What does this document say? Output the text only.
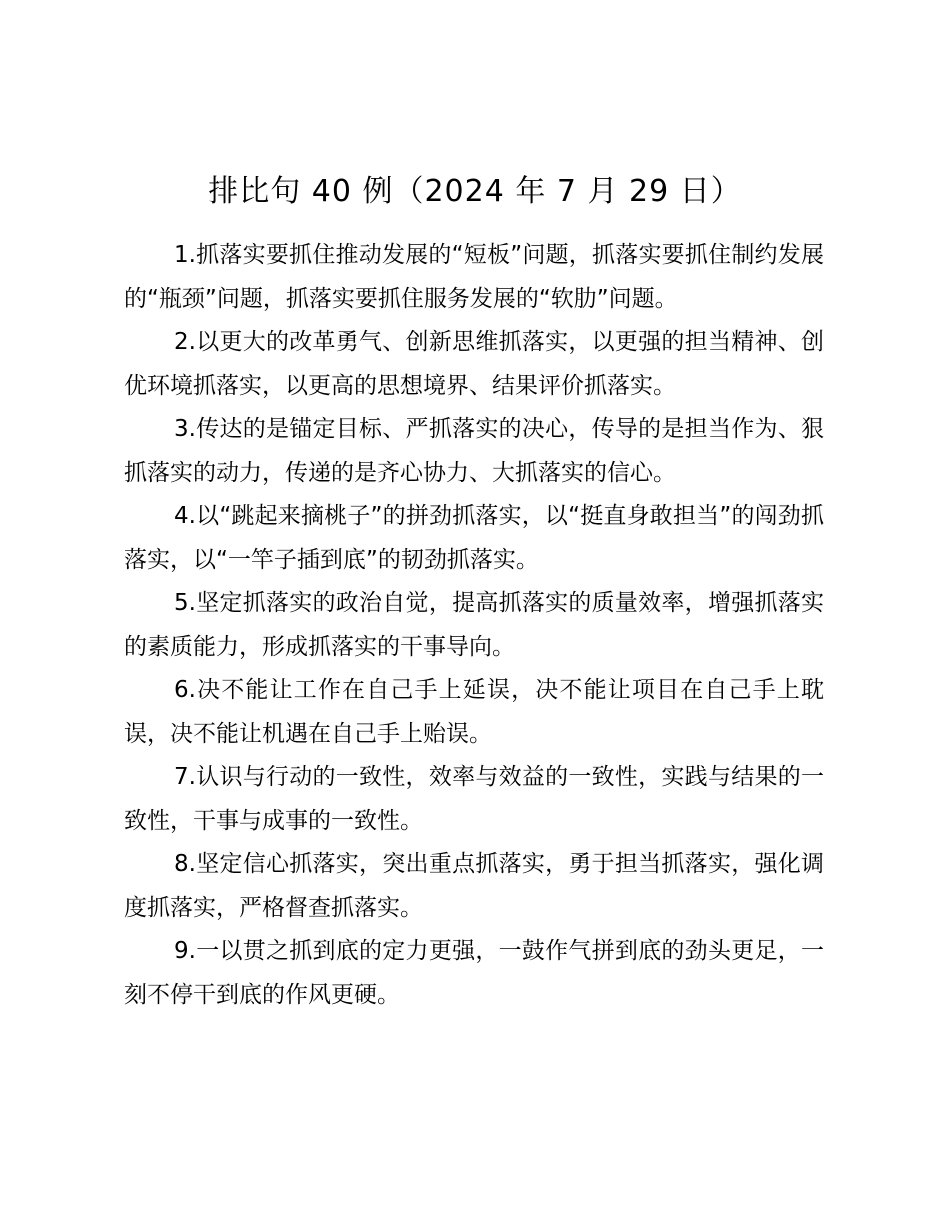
排比句 40 例（2024 年 7 月 29 日）

1.抓落实要抓住推动发展的“短板”问题，抓落实要抓住制约发展的“瓶颈”问题，抓落实要抓住服务发展的“软肋”问题。

2.以更大的改革勇气、创新思维抓落实，以更强的担当精神、创优环境抓落实，以更高的思想境界、结果评价抓落实。

3.传达的是锚定目标、严抓落实的决心，传导的是担当作为、狠抓落实的动力，传递的是齐心协力、大抓落实的信心。

4.以“跳起来摘桃子”的拼劲抓落实，以“挺直身敢担当”的闯劲抓落实，以“一竿子插到底”的韧劲抓落实。

5.坚定抓落实的政治自觉，提高抓落实的质量效率，增强抓落实的素质能力，形成抓落实的干事导向。

6.决不能让工作在自己手上延误，决不能让项目在自己手上耽误，决不能让机遇在自己手上贻误。

7.认识与行动的一致性，效率与效益的一致性，实践与结果的一致性，干事与成事的一致性。

8.坚定信心抓落实，突出重点抓落实，勇于担当抓落实，强化调度抓落实，严格督查抓落实。

9.一以贯之抓到底的定力更强，一鼓作气拼到底的劲头更足，一刻不停干到底的作风更硬。
